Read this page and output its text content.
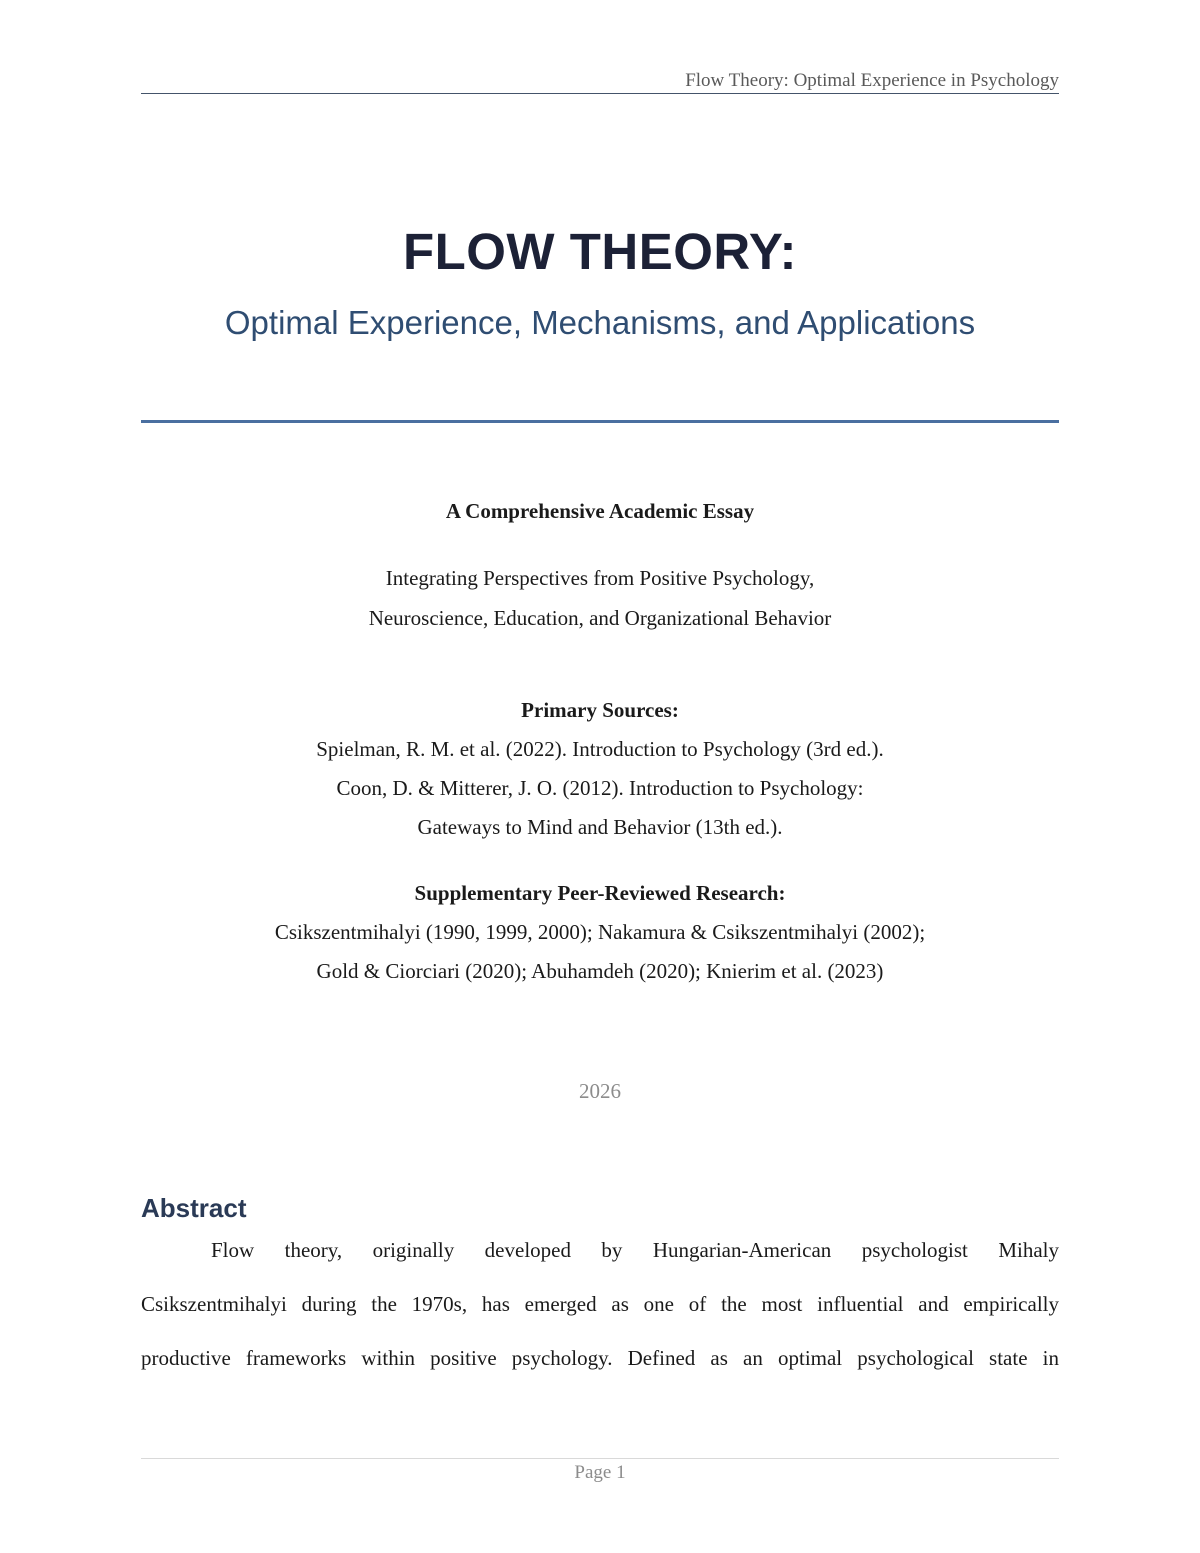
Flow Theory: Optimal Experience in Psychology
FLOW THEORY:
Optimal Experience, Mechanisms, and Applications
A Comprehensive Academic Essay
Integrating Perspectives from Positive Psychology,
Neuroscience, Education, and Organizational Behavior
Primary Sources:
Spielman, R. M. et al. (2022). Introduction to Psychology (3rd ed.).
Coon, D. & Mitterer, J. O. (2012). Introduction to Psychology:
Gateways to Mind and Behavior (13th ed.).
Supplementary Peer-Reviewed Research:
Csikszentmihalyi (1990, 1999, 2000); Nakamura & Csikszentmihalyi (2002);
Gold & Ciorciari (2020); Abuhamdeh (2020); Knierim et al. (2023)
2026
Abstract
Flow theory, originally developed by Hungarian-American psychologist Mihaly
Csikszentmihalyi during the 1970s, has emerged as one of the most influential and empirically
productive frameworks within positive psychology. Defined as an optimal psychological state in
Page 1
